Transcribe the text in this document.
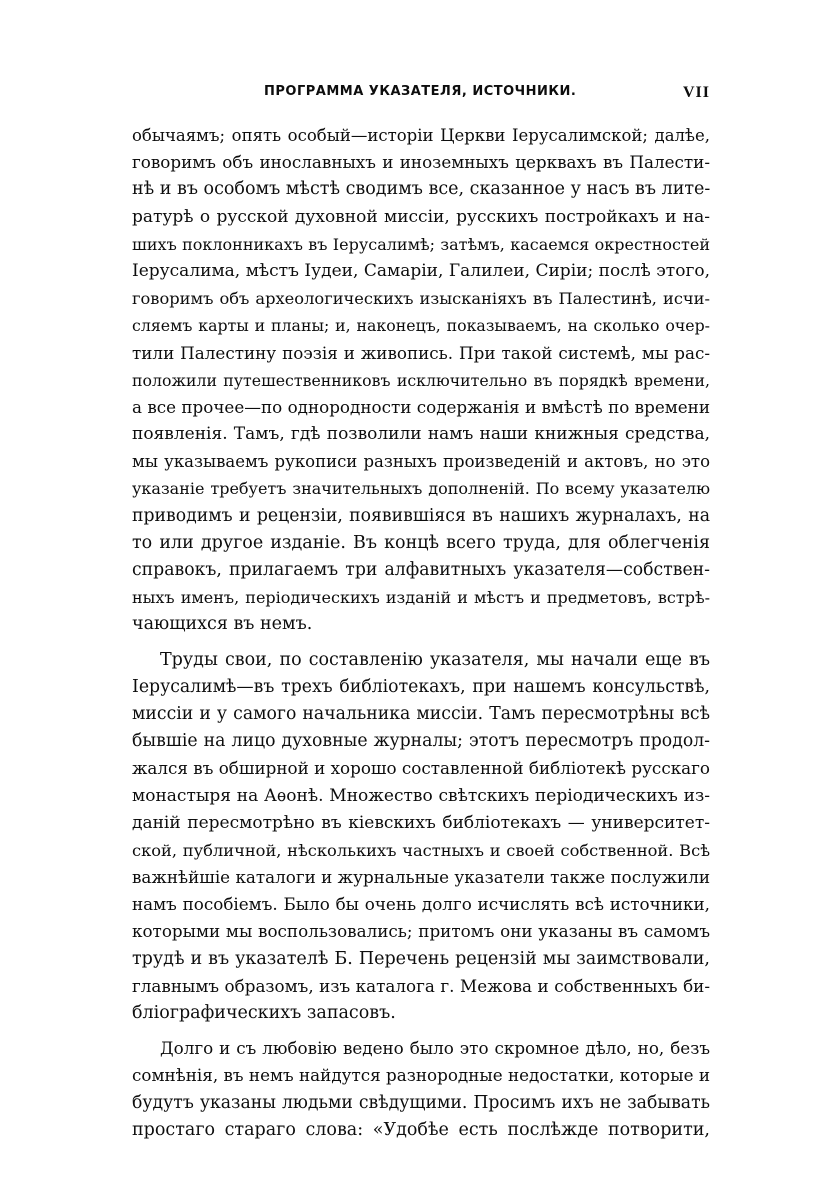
ПРОГРАММА УКАЗАТЕЛЯ, ИСТОЧНИКИ.	VII
обычаямъ; опять особый—исторіи Церкви Іерусалимской; далѣе,
говоримъ объ инославныхъ и иноземныхъ церквахъ въ Палести-
нѣ и въ особомъ мѣстѣ сводимъ все, сказанное у насъ въ лите-
ратурѣ о русской духовной миссіи, русскихъ постройкахъ и на-
шихъ поклонникахъ въ Іерусалимѣ; затѣмъ, касаемся окрестностей
Іерусалима, мѣстъ Іудеи, Самаріи, Галилеи, Сиріи; послѣ этого,
говоримъ объ археологическихъ изысканіяхъ въ Палестинѣ, исчи-
сляемъ карты и планы; и, наконецъ, показываемъ, на сколько очер-
тили Палестину поэзія и живопись. При такой системѣ, мы рас-
положили путешественниковъ исключительно въ порядкѣ времени,
а все прочее—по однородности содержанія и вмѣстѣ по времени
появленія. Тамъ, гдѣ позволили намъ наши книжныя средства,
мы указываемъ рукописи разныхъ произведеній и актовъ, но это
указаніе требуетъ значительныхъ дополненій. По всему указателю
приводимъ и рецензіи, появившіяся въ нашихъ журналахъ, на
то или другое изданіе. Въ концѣ всего труда, для облегченія
справокъ, прилагаемъ три алфавитныхъ указателя—собствен-
ныхъ именъ, періодическихъ изданій и мѣстъ и предметовъ, встрѣ-
чающихся въ немъ.
Труды свои, по составленію указателя, мы начали еще въ
Іерусалимѣ—въ трехъ библіотекахъ, при нашемъ консульствѣ,
миссіи и у самого начальника миссіи. Тамъ пересмотрѣны всѣ
бывшіе на лицо духовные журналы; этотъ пересмотръ продол-
жался въ обширной и хорошо составленной библіотекѣ русскаго
монастыря на Аѳонѣ. Множество свѣтскихъ періодическихъ из-
даній пересмотрѣно въ кіевскихъ библіотекахъ — университет-
ской, публичной, нѣсколькихъ частныхъ и своей собственной. Всѣ
важнѣйшіе каталоги и журнальные указатели также послужили
намъ пособіемъ. Было бы очень долго исчислять всѣ источники,
которыми мы воспользовались; притомъ они указаны въ самомъ
трудѣ и въ указателѣ Б. Перечень рецензій мы заимствовали,
главнымъ образомъ, изъ каталога г. Межова и собственныхъ би-
бліографическихъ запасовъ.
Долго и съ любовію ведено было это скромное дѣло, но, безъ
сомнѣнія, въ немъ найдутся разнородные недостатки, которые и
будутъ указаны людьми свѣдущими. Просимъ ихъ не забывать
простаго стараго слова: «Удобѣе есть послѣжде потворити,
